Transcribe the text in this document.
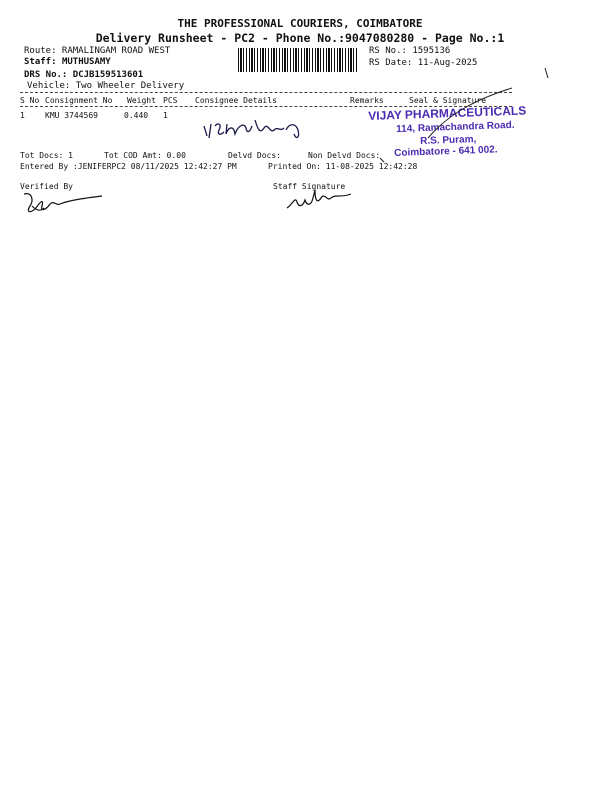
THE PROFESSIONAL COURIERS, COIMBATORE
Delivery Runsheet - PC2 - Phone No.:9047080280 - Page No.:1
Route: RAMALINGAM ROAD WEST
Staff: MUTHUSAMY
DRS No.: DCJB159513601
Vehicle: Two Wheeler Delivery
RS No.: 1595136
RS Date: 11-Aug-2025
S No Consignment No Weight PCS Consignee Details	Remarks	Seal & Signature
1	KMU 3744569	0.440 1	VIJAY PHARMACEUTICALS
114, Ramachandra Road.
R.S. Puram,
Coimbatore - 641 002.
Tot Docs: 1	Tot COD Amt: 0.00	Delvd Docs:	Non Delvd Docs:
Entered By :JENIFERPC2 08/11/2025 12:42:27 PM	Printed On: 11-08-2025 12:42:28
Verified By	Staff Signature
